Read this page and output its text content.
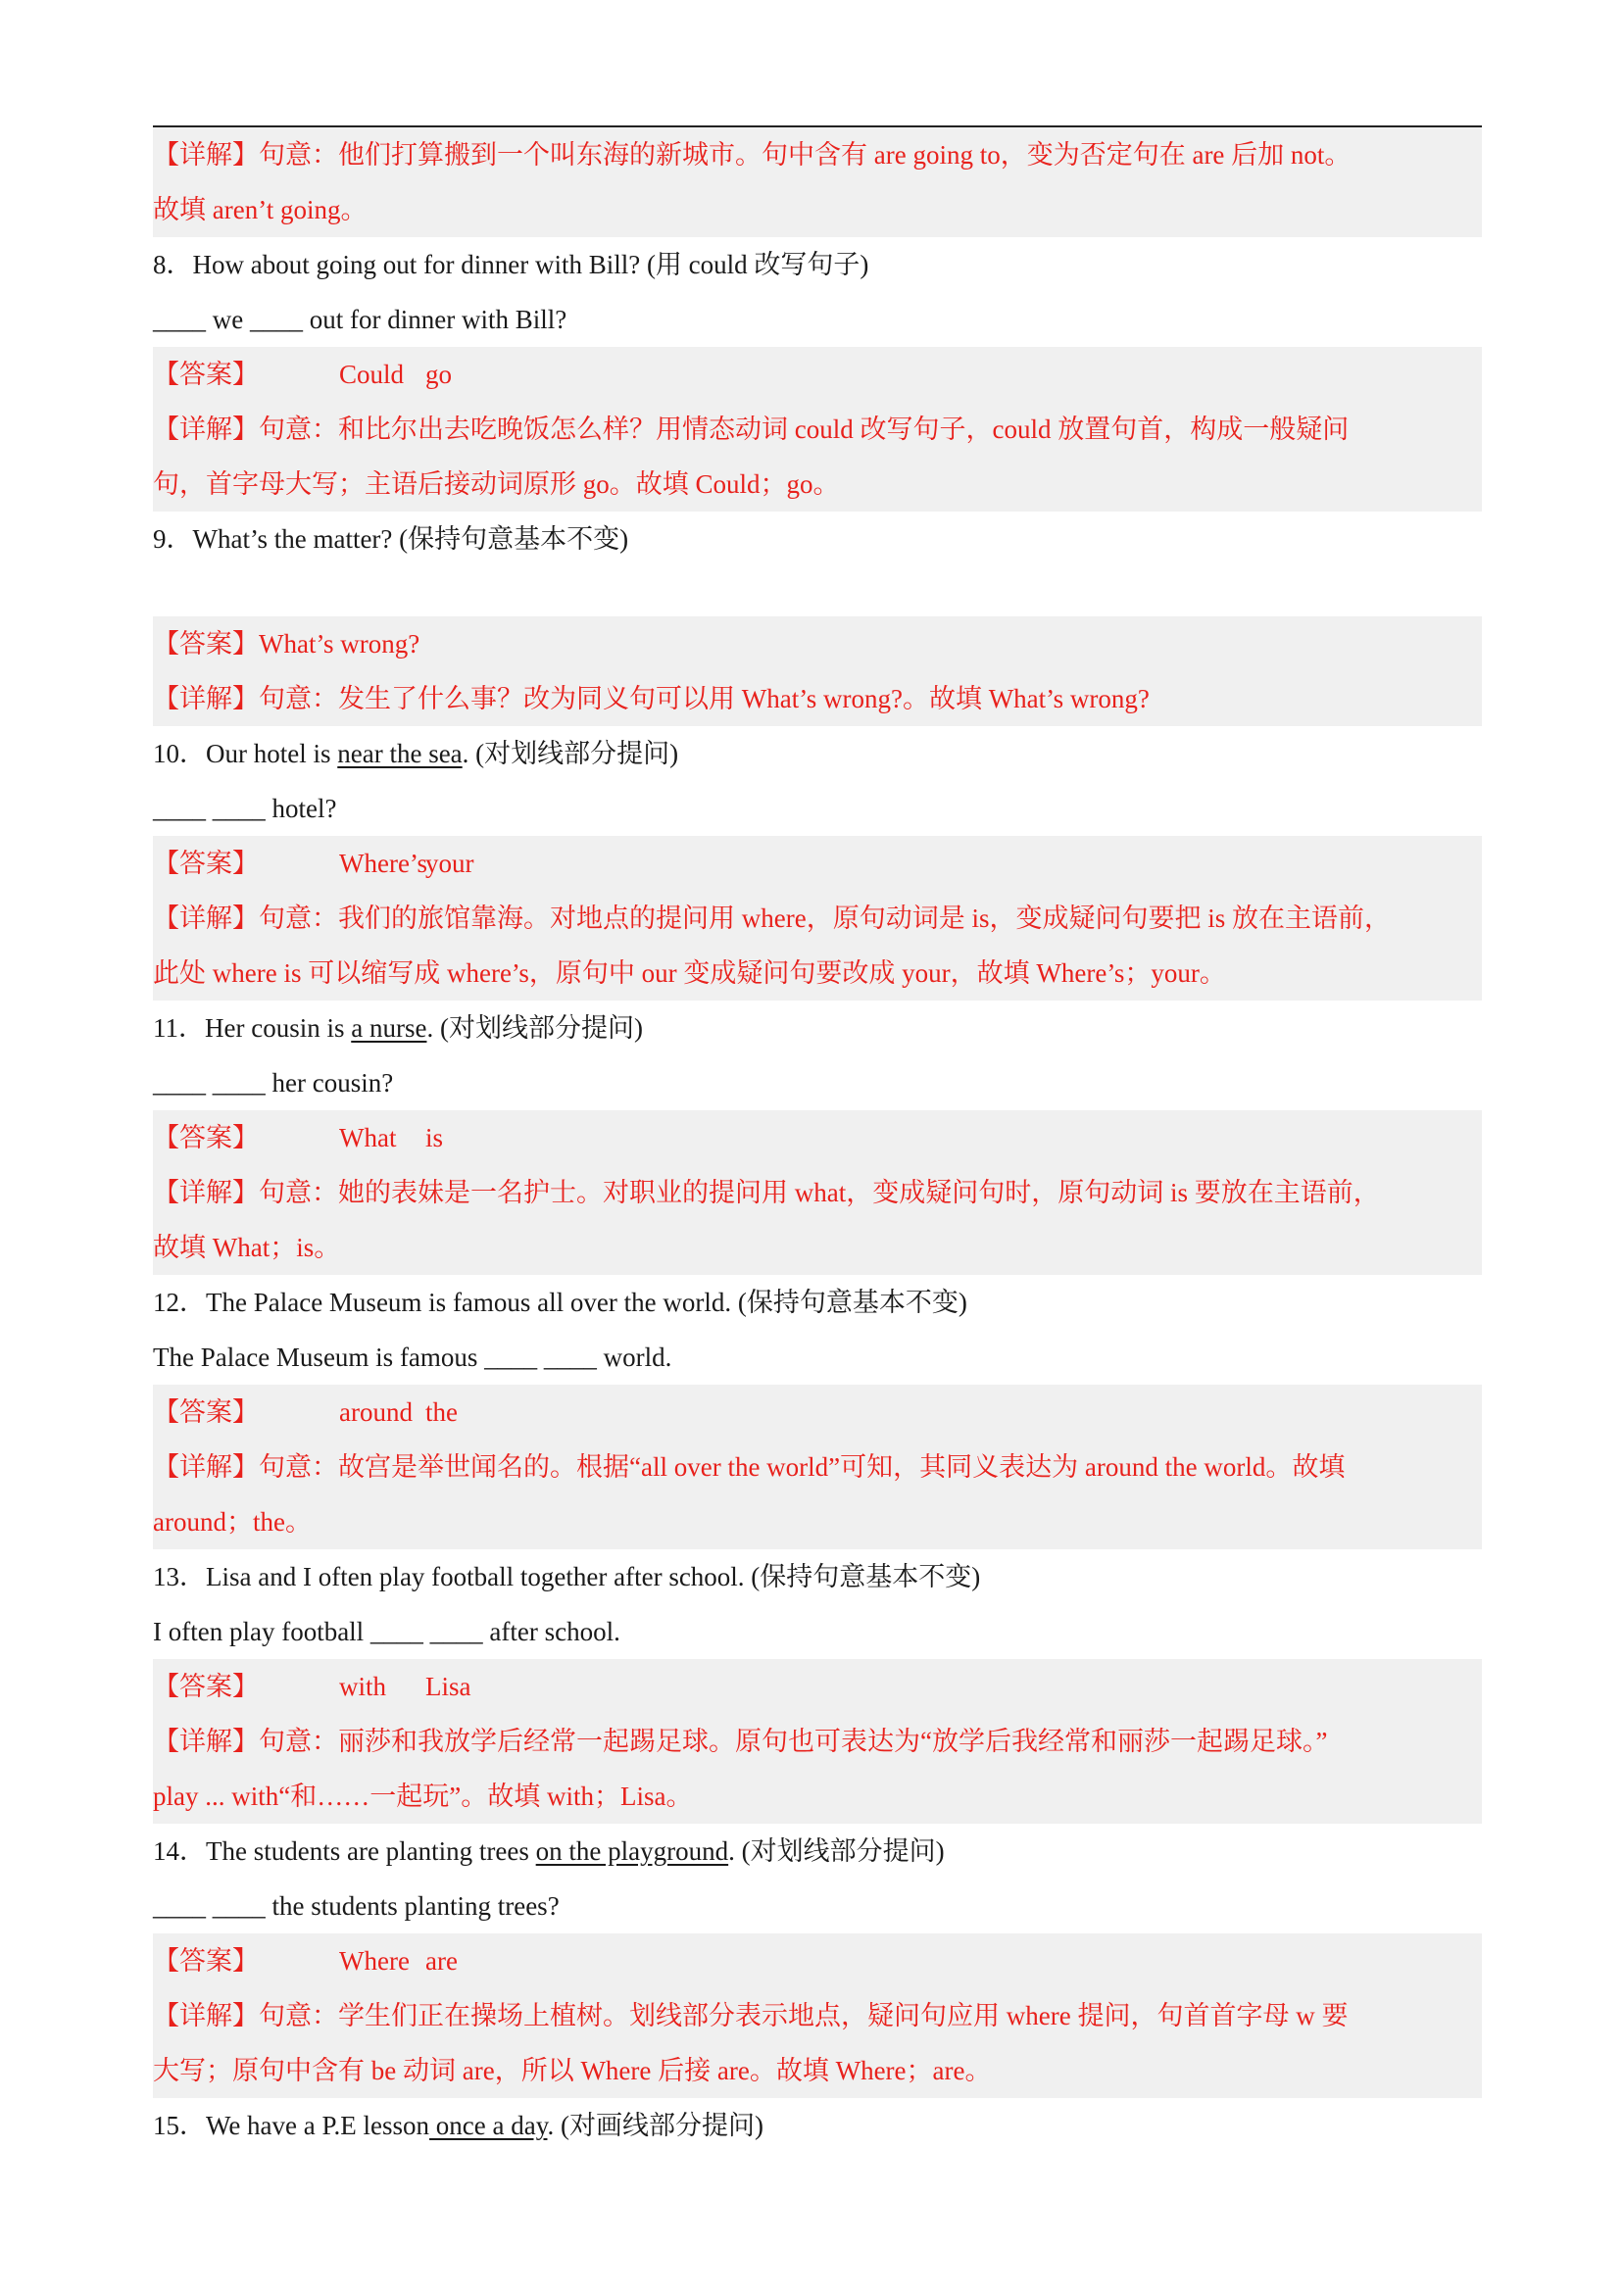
【详解】句意：他们打算搬到一个叫东海的新城市。句中含有 are going to，变为否定句在 are 后加 not。
故填 aren’t going。
8．How about going out for dinner with Bill? (用 could 改写句子)
____ we ____ out for dinner with Bill?
【答案】	Could go
【详解】句意：和比尔出去吃晚饭怎么样？用情态动词 could 改写句子，could 放置句首，构成一般疑问
句，首字母大写；主语后接动词原形 go。故填 Could；go。
9．What’s the matter? (保持句意基本不变)
【答案】What’s wrong?
【详解】句意：发生了什么事？改为同义句可以用 What’s wrong?。故填 What’s wrong?
10．Our hotel is near the sea. (对划线部分提问)
____ ____ hotel?
【答案】	Where’syour
【详解】句意：我们的旅馆靠海。对地点的提问用 where，原句动词是 is，变成疑问句要把 is 放在主语前，
此处 where is 可以缩写成 where’s，原句中 our 变成疑问句要改成 your，故填 Where’s；your。
11．Her cousin is a nurse. (对划线部分提问)
____ ____ her cousin?
【答案】	What is
【详解】句意：她的表妹是一名护士。对职业的提问用 what，变成疑问句时，原句动词 is 要放在主语前，
故填 What；is。
12．The Palace Museum is famous all over the world. (保持句意基本不变)
The Palace Museum is famous ____ ____ world.
【答案】	around the
【详解】句意：故宫是举世闻名的。根据“all over the world”可知，其同义表达为 around the world。故填
around；the。
13．Lisa and I often play football together after school. (保持句意基本不变)
I often play football ____ ____ after school.
【答案】	with Lisa
【详解】句意：丽莎和我放学后经常一起踢足球。原句也可表达为“放学后我经常和丽莎一起踢足球。”
play ... with“和……一起玩”。故填 with；Lisa。
14．The students are planting trees on the playground. (对划线部分提问)
____ ____ the students planting trees?
【答案】	Where are
【详解】句意：学生们正在操场上植树。划线部分表示地点，疑问句应用 where 提问，句首首字母 w 要
大写；原句中含有 be 动词 are，所以 Where 后接 are。故填 Where；are。
15．We have a P.E lesson once a day. (对画线部分提问)
